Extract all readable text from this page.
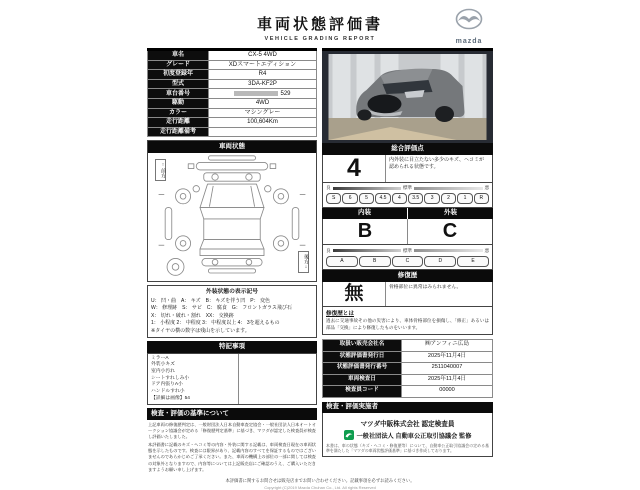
車両状態評価書
VEHICLE GRADING REPORT	mazda
車名	CX-5 4WD
グレード	XDスマートエディション
初度登録年	R4
型式	3DA-KF2P
車台番号	529
駆動	4WD
カラー	マシングレー
走行距離	100,604Km
走行距離備考	
車両状態
↑前方
後方↓
外装状態の表示記号
U： 凹・曲　A： キズ　B： キズを伴う凹　P： 変色
W： 修理跡　S： サビ　C： 腐食　G： フロントガラス飛び石
X： 切れ・破れ・割れ　XX： 交換跡
1： 小程度 2： 中程度 3： 中程度以上 4： 3を超えるもの
※タイヤの横の数字は残山を示しています。
特記事項
ミラーA
外装小キズ
室内小汚れ
シートすれしみ小
ドア内張りA小
ハンドルすれ小
【詳細は画像】54
検査・評価の基準について

上記車両の修復歴判定は、一般財団法人日本自動車査定協会・一般社団法人日本オートオークション協議会が定める「修復歴判定基準」に基づき、マツダが認定した検査員が検査し評価いたしました。

本評価書に記載のキズ・ヘコミ等の内容・外装に関する記載は、車両検査日現在の車両状態を示したものです。検査には限界があり、記載内容のすべてを保証するものではございませんのであらかじめご了承ください。また、車両の機構上の部位の一部に関しては検査の対象外となりますので、内容等については上記販売店にご確認のうえ、ご購入いただきますようお願い申し上げます。

総合評価点
4	内外装に目立たない多少のキズ、ヘコミが認められる状態です。
良	標準	悪
S	6	5	4.5	4	3.5	3	2	1	R
内装	外装
B	C
良	標準	悪
A	B	C	D	E
修復歴
無	骨格部位に異常はみられません。
修復歴とは
過去に交通事故その他の災害により、車体骨格部位を損傷し、「修正」あるいは部品「交換」により修復したものをいいます。
取扱い販売会社名	㈱アンフィニ広島
状態評価書発行日	2025年11月4日
状態評価書発行番号	2511040007
車両検査日	2025年11月4日
検査員コード	00000
検査・評価実施者
マツダ中販株式会社 認定検査員
一般社団法人 自動車公正取引協議会 監修
本書は、車の状態（キズ・ヘコミ・修復歴等）について、自動車公正取引協議会の定める基準を満たした「マツダの車両状態評価基準」に基づき作成しております。
本評価書に関するお問合せは販売店までお問い合わせください。記載事項を必ずお読みください。
Copyright (C)2019 Mazda Chuhan Co., Ltd. All rights Reserved
